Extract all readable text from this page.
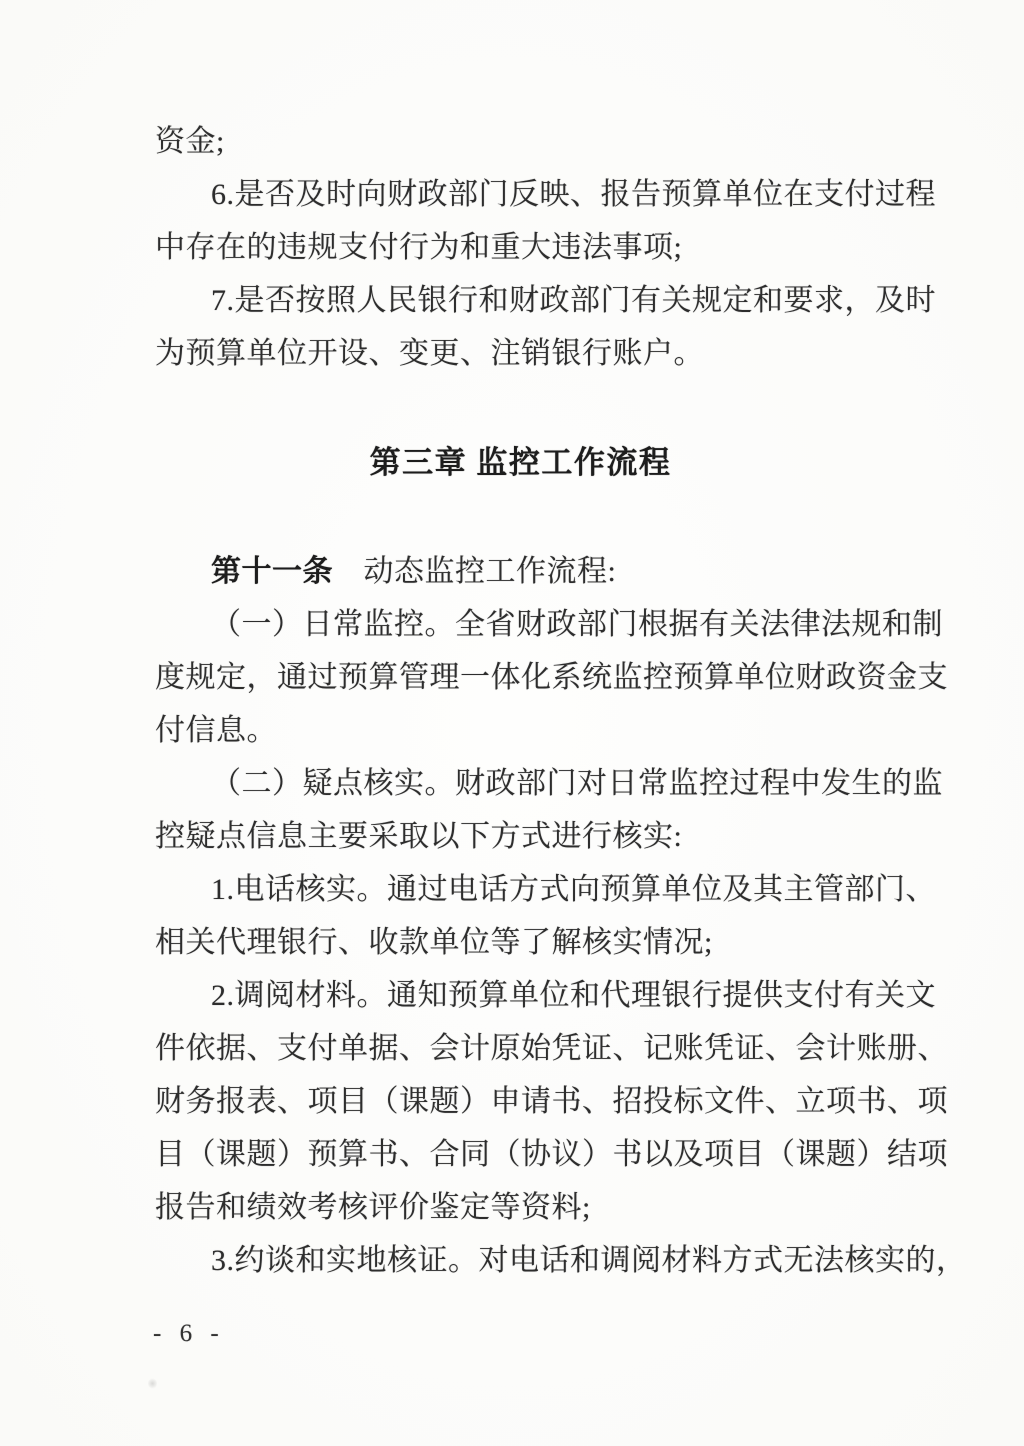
资金;
6.是否及时向财政部门反映、报告预算单位在支付过程
中存在的违规支付行为和重大违法事项;
7.是否按照人民银行和财政部门有关规定和要求，及时
为预算单位开设、变更、注销银行账户。
第三章 监控工作流程
第十一条　动态监控工作流程:
（一）日常监控。全省财政部门根据有关法律法规和制
度规定，通过预算管理一体化系统监控预算单位财政资金支
付信息。
（二）疑点核实。财政部门对日常监控过程中发生的监
控疑点信息主要采取以下方式进行核实:
1.电话核实。通过电话方式向预算单位及其主管部门、
相关代理银行、收款单位等了解核实情况;
2.调阅材料。通知预算单位和代理银行提供支付有关文
件依据、支付单据、会计原始凭证、记账凭证、会计账册、
财务报表、项目（课题）申请书、招投标文件、立项书、项
目（课题）预算书、合同（协议）书以及项目（课题）结项
报告和绩效考核评价鉴定等资料;
3.约谈和实地核证。对电话和调阅材料方式无法核实的，
- 6 -
